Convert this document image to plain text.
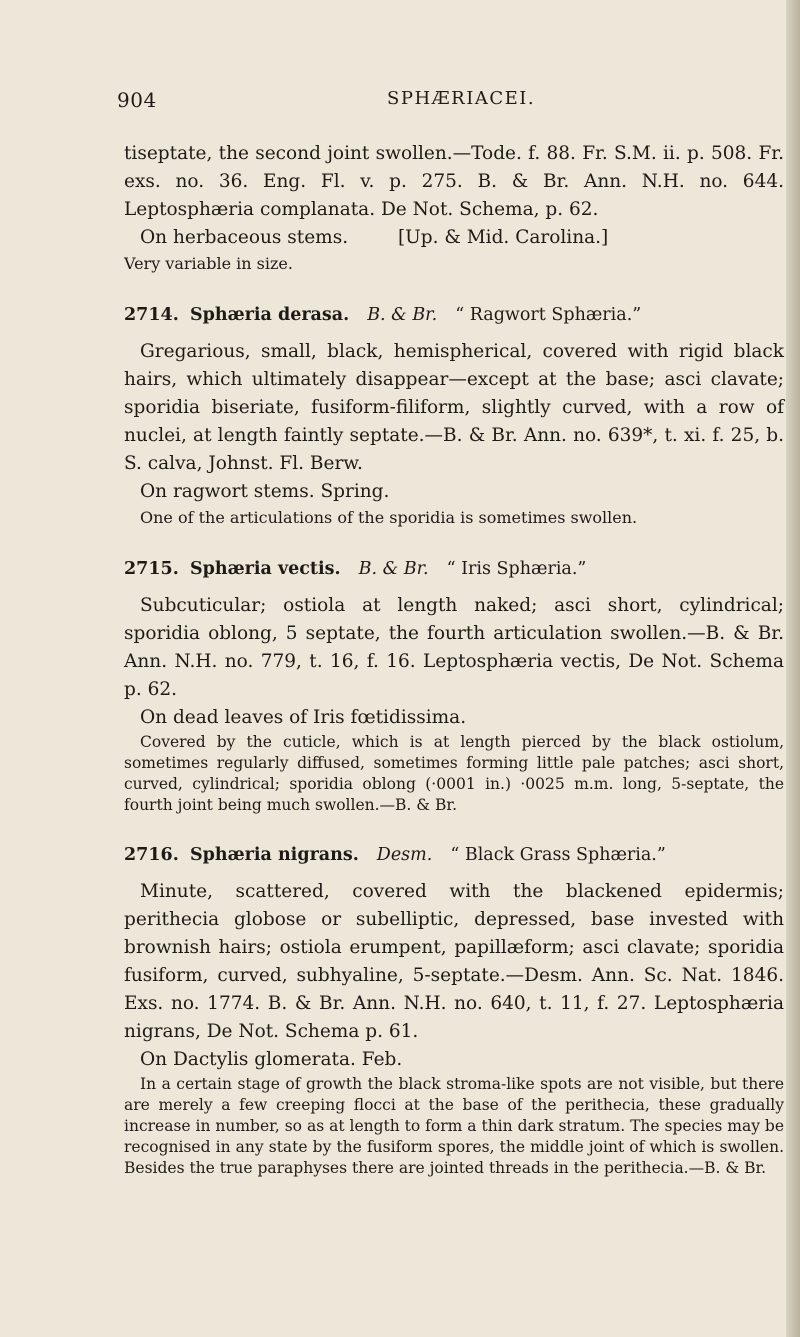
904	SPHÆRIACEI.

tiseptate, the second joint swollen.—Tode. f. 88. Fr. S.M. ii. p. 508. Fr. exs. no. 36. Eng. Fl. v. p. 275. B. & Br. Ann. N.H. no. 644. Leptosphæria complanata. De Not. Schema, p. 62.

On herbaceous stems.	[Up. & Mid. Carolina.]

Very variable in size.

2714. Sphæria derasa. B. & Br. “ Ragwort Sphæria.”

Gregarious, small, black, hemispherical, covered with rigid black hairs, which ultimately disappear—except at the base; asci clavate; sporidia biseriate, fusiform-filiform, slightly curved, with a row of nuclei, at length faintly septate.—B. & Br. Ann. no. 639*, t. xi. f. 25, b. S. calva, Johnst. Fl. Berw.

On ragwort stems. Spring.

One of the articulations of the sporidia is sometimes swollen.

2715. Sphæria vectis. B. & Br. “ Iris Sphæria.”

Subcuticular; ostiola at length naked; asci short, cylindrical; sporidia oblong, 5 septate, the fourth articulation swollen.—B. & Br. Ann. N.H. no. 779, t. 16, f. 16. Leptosphæria vectis, De Not. Schema p. 62.

On dead leaves of Iris fœtidissima.

Covered by the cuticle, which is at length pierced by the black ostiolum, sometimes regularly diffused, sometimes forming little pale patches; asci short, curved, cylindrical; sporidia oblong (·0001 in.) ·0025 m.m. long, 5-septate, the fourth joint being much swollen.—B. & Br.

2716. Sphæria nigrans. Desm. “ Black Grass Sphæria.”

Minute, scattered, covered with the blackened epidermis; perithecia globose or subelliptic, depressed, base invested with brownish hairs; ostiola erumpent, papillæform; asci clavate; sporidia fusiform, curved, subhyaline, 5-septate.—Desm. Ann. Sc. Nat. 1846. Exs. no. 1774. B. & Br. Ann. N.H. no. 640, t. 11, f. 27. Leptosphæria nigrans, De Not. Schema p. 61.

On Dactylis glomerata. Feb.

In a certain stage of growth the black stroma-like spots are not visible, but there are merely a few creeping flocci at the base of the perithecia, these gradually increase in number, so as at length to form a thin dark stratum. The species may be recognised in any state by the fusiform spores, the middle joint of which is swollen. Besides the true paraphyses there are jointed threads in the perithecia.—B. & Br.
